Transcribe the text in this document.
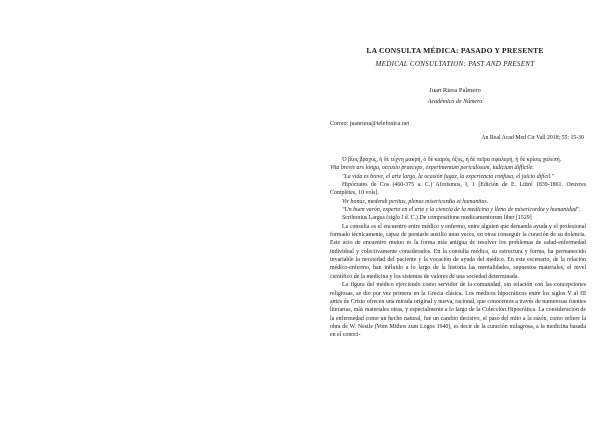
LA CONSULTA MÉDICA: PASADO Y PRESENTE
MEDICAL CONSULTATION: PAST AND PRESENT
Juan Riera Palmero
Académico de Número
Correo: juanriera@telefonica.net
An Real Acad Med Cir Vall 2018; 55: 15-30

Ὁ βίος βραχύς, ἡ δὲ τέχνη μακρή, ὁ δὲ καιρὸς ὀξύς, ἡ δὲ πεῖρα σφαλερή, ἡ δὲ κρίσις χαλεπή.

Vita brevis ars longa, occasio praeceps, experimentum periculosum, iudicium difficile.

"La vida es breve, el arte largo, la ocasión fugaz, la experiencia confusa, el juicio difícil."

Hipócrates de Cos (460-375 a. C.) Aforismos, I, 1 [Edición de E. Littré 1839-1861. Oeuvres Complètes, 10 vols].

Vir bonus, medendi peritus, plenus misericordia et humanitas.

"Un buen varón, experto en el arte y la ciencia de la medicina y lleno de misericordia y humanidad".

Scribonius Largus (siglo I d. C.) De compositione medicamentorum liber [1529]

La consulta es el encuentro entre médico y enfermo, entre alguien que demanda ayuda y el profesional formado técnicamente, capaz de prestarle auxilio unas veces, en otras conseguir la curación de su dolencia. Este acto de encuentro mutuo es la forma más antigua de resolver los problemas de salud-enfermedad individual y colectivamente considerados. En la consulta médica, su estructura y forma, ha permanecido invariable la necesidad del paciente y la vocación de ayuda del médico. En este escenario, de la relación médico-enfermo, han influido a lo largo de la historia las mentalidades, supuestos materiales, el nivel científico de la medicina y los sistemas de valores de una sociedad determinada.

La figura del médico ejerciendo como servidor de la comunidad, sin relación con las concepciones religiosas, se dio por vez primera en la Grecia clásica. Los médicos hipocráticos entre los siglos V al III antes de Cristo ofrecen una mirada original y nueva, racional, que conocemos a través de numerosas fuentes literarias, más materiales otras, y especialmente a lo largo de la Colección Hipocrática. La consideración de la enfermedad como un hecho natural, fue un cambio decisivo, el paso del mito a la razón, como refiere la obra de W. Nestle (Vom Mithos zum Logos 1940), es decir de la curación milagrosa, a la medicina basada en el conoci-
